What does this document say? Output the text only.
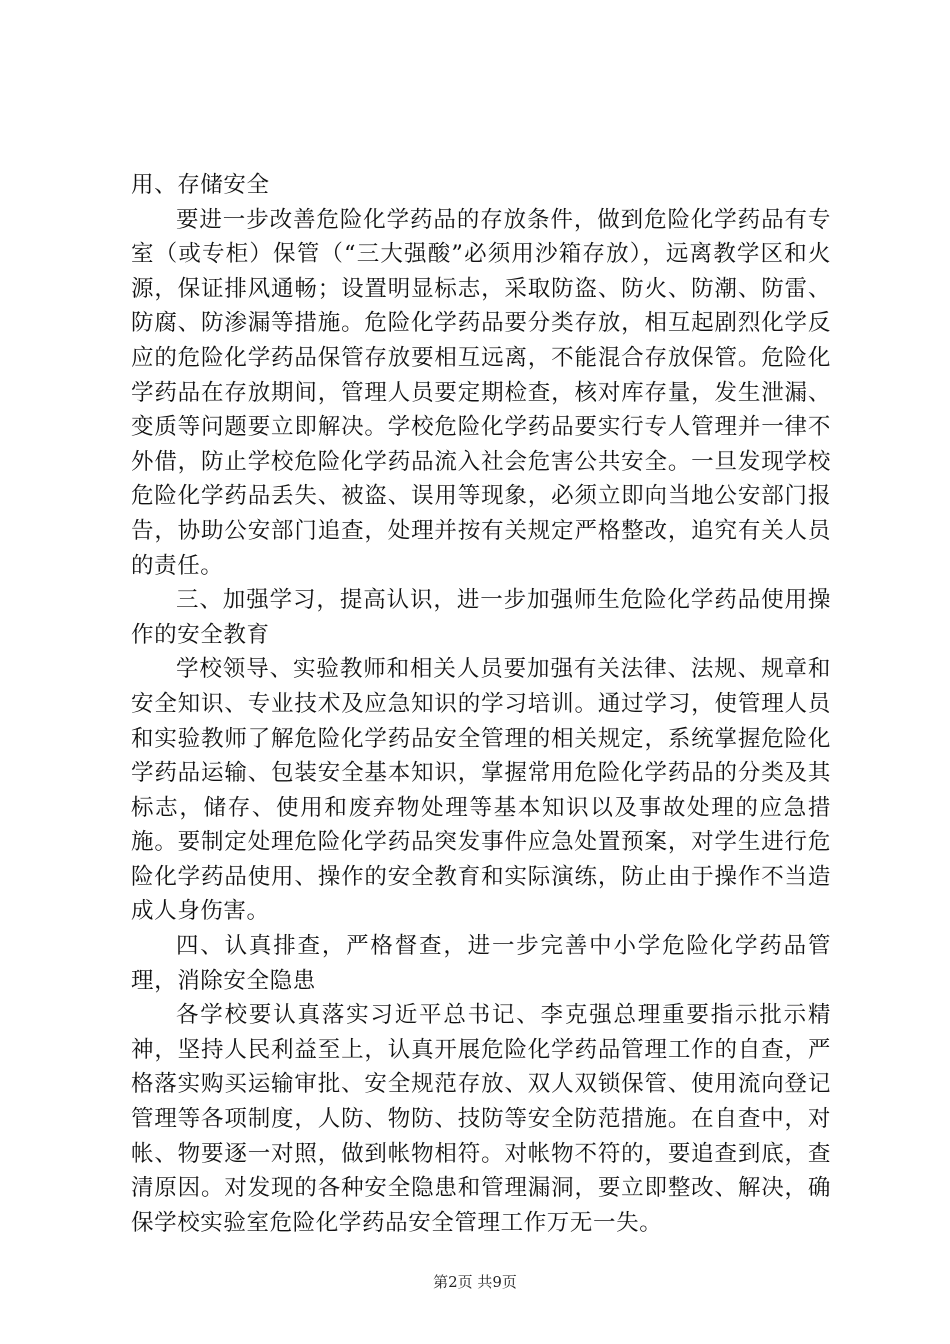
用、存储安全

要进一步改善危险化学药品的存放条件，做到危险化学药品有专室（或专柜）保管（“三大强酸”必须用沙箱存放），远离教学区和火源，保证排风通畅；设置明显标志，采取防盗、防火、防潮、防雷、防腐、防渗漏等措施。危险化学药品要分类存放，相互起剧烈化学反应的危险化学药品保管存放要相互远离，不能混合存放保管。危险化学药品在存放期间，管理人员要定期检查，核对库存量，发生泄漏、变质等问题要立即解决。学校危险化学药品要实行专人管理并一律不外借，防止学校危险化学药品流入社会危害公共安全。一旦发现学校危险化学药品丢失、被盗、误用等现象，必须立即向当地公安部门报告，协助公安部门追查，处理并按有关规定严格整改，追究有关人员的责任。

三、加强学习，提高认识，进一步加强师生危险化学药品使用操作的安全教育

学校领导、实验教师和相关人员要加强有关法律、法规、规章和安全知识、专业技术及应急知识的学习培训。通过学习，使管理人员和实验教师了解危险化学药品安全管理的相关规定，系统掌握危险化学药品运输、包装安全基本知识，掌握常用危险化学药品的分类及其标志，储存、使用和废弃物处理等基本知识以及事故处理的应急措施。要制定处理危险化学药品突发事件应急处置预案，对学生进行危险化学药品使用、操作的安全教育和实际演练，防止由于操作不当造成人身伤害。

四、认真排查，严格督查，进一步完善中小学危险化学药品管理，消除安全隐患

各学校要认真落实习近平总书记、李克强总理重要指示批示精神，坚持人民利益至上，认真开展危险化学药品管理工作的自查，严格落实购买运输审批、安全规范存放、双人双锁保管、使用流向登记管理等各项制度，人防、物防、技防等安全防范措施。在自查中，对帐、物要逐一对照，做到帐物相符。对帐物不符的，要追查到底，查清原因。对发现的各种安全隐患和管理漏洞，要立即整改、解决，确保学校实验室危险化学药品安全管理工作万无一失。

第2页 共9页
